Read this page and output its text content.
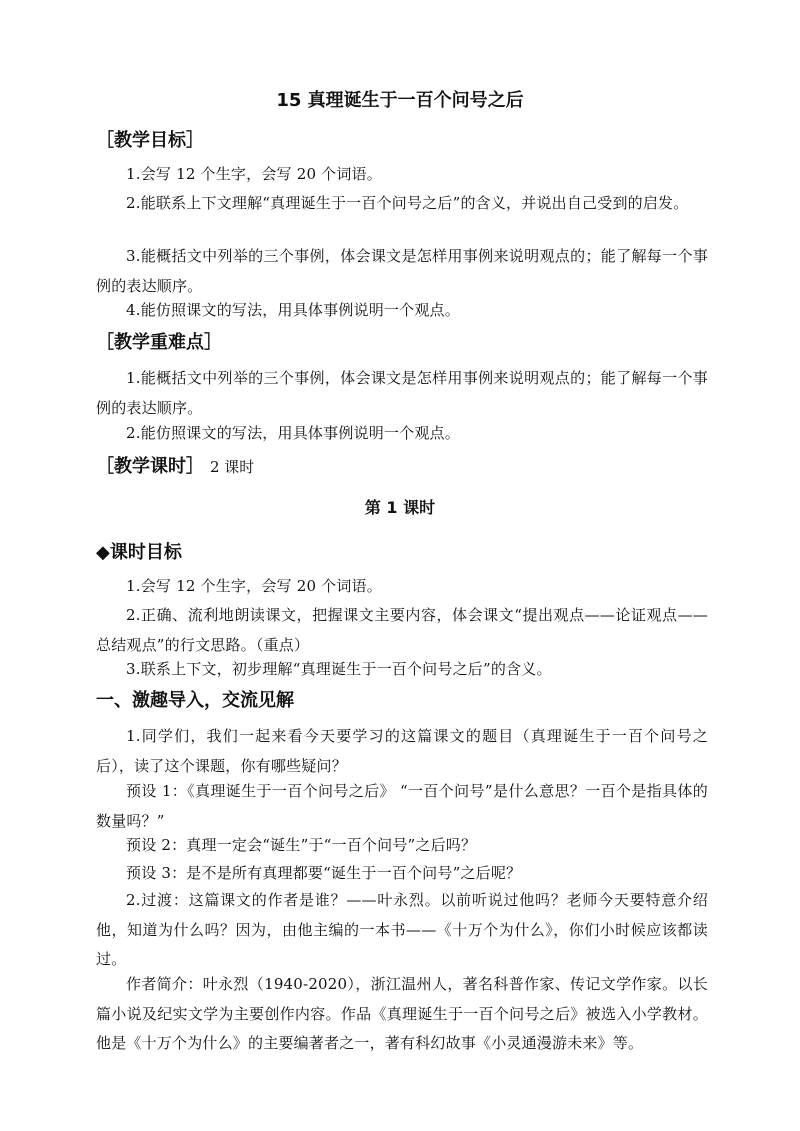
15 真理诞生于一百个问号之后
［教学目标］

1.会写 12 个生字，会写 20 个词语。

2.能联系上下文理解“真理诞生于一百个问号之后”的含义，并说出自己受到的启发。

3.能概括文中列举的三个事例，体会课文是怎样用事例来说明观点的；能了解每一个事例的表达顺序。

4.能仿照课文的写法，用具体事例说明一个观点。

［教学重难点］

1.能概括文中列举的三个事例，体会课文是怎样用事例来说明观点的；能了解每一个事例的表达顺序。

2.能仿照课文的写法，用具体事例说明一个观点。

［教学课时］ 2 课时
第 1 课时
◆课时目标

1.会写 12 个生字，会写 20 个词语。

2.正确、流利地朗读课文，把握课文主要内容，体会课文“提出观点——论证观点——总结观点”的行文思路。（重点）

3.联系上下文，初步理解“真理诞生于一百个问号之后”的含义。

一、激趣导入，交流见解

1.同学们，我们一起来看今天要学习的这篇课文的题目（真理诞生于一百个问号之后），读了这个课题，你有哪些疑问？

预设 1：《真理诞生于一百个问号之后》 “一百个问号”是什么意思？一百个是指具体的数量吗？”

预设 2：真理一定会“诞生”于“一百个问号”之后吗？

预设 3：是不是所有真理都要“诞生于一百个问号”之后呢？

2.过渡：这篇课文的作者是谁？——叶永烈。以前听说过他吗？老师今天要特意介绍他，知道为什么吗？因为，由他主编的一本书——《十万个为什么》，你们小时候应该都读过。

作者简介：叶永烈（1940-2020），浙江温州人，著名科普作家、传记文学作家。以长篇小说及纪实文学为主要创作内容。作品《真理诞生于一百个问号之后》被选入小学教材。他是《十万个为什么》的主要编著者之一，著有科幻故事《小灵通漫游未来》等。
